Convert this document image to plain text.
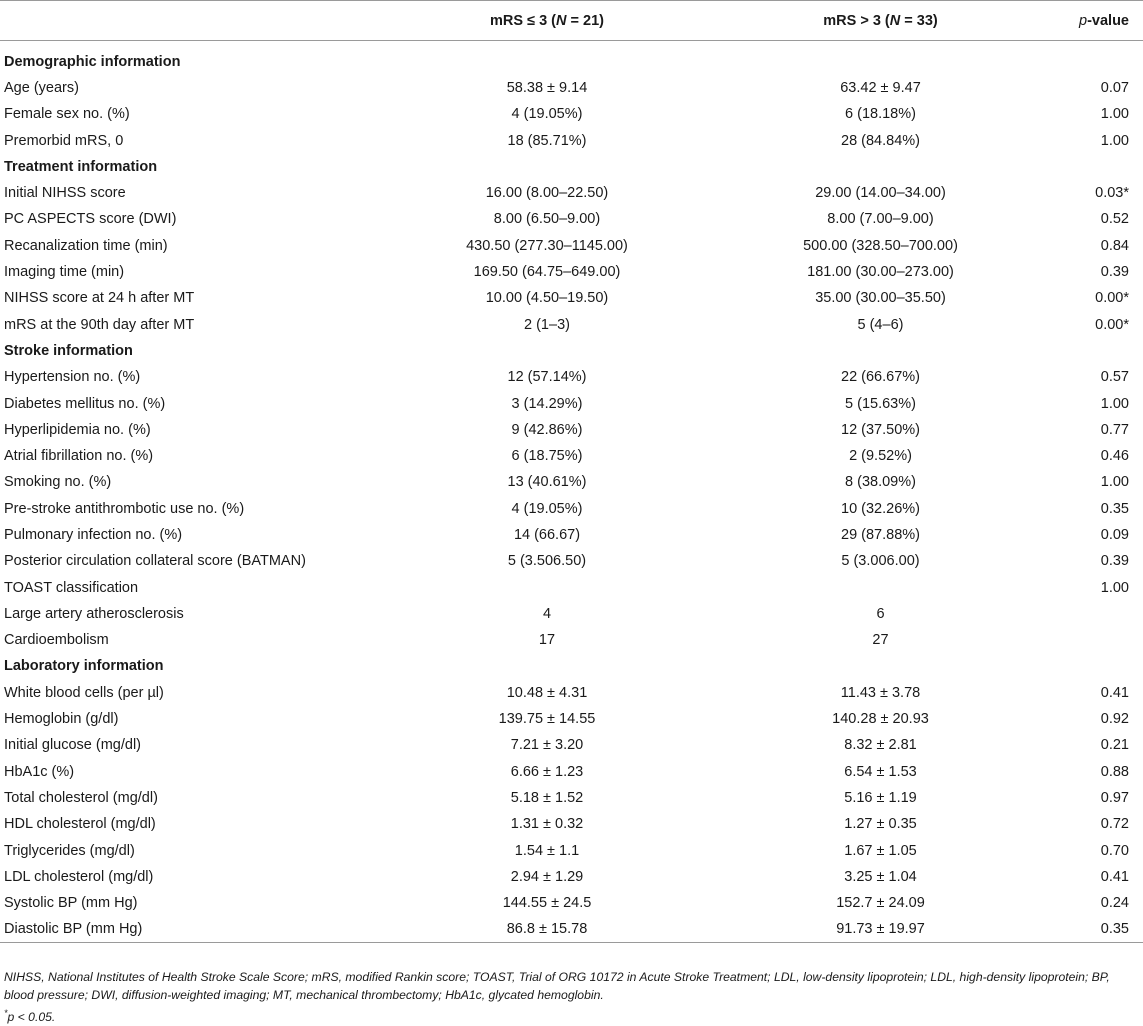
	mRS ≤ 3 (N = 21)	mRS > 3 (N = 33)	p-value

Demographic information			
Age (years)	58.38 ± 9.14	63.42 ± 9.47	0.07
Female sex no. (%)	4 (19.05%)	6 (18.18%)	1.00
Premorbid mRS, 0	18 (85.71%)	28 (84.84%)	1.00
Treatment information			
Initial NIHSS score	16.00 (8.00–22.50)	29.00 (14.00–34.00)	0.03*
PC ASPECTS score (DWI)	8.00 (6.50–9.00)	8.00 (7.00–9.00)	0.52
Recanalization time (min)	430.50 (277.30–1145.00)	500.00 (328.50–700.00)	0.84
Imaging time (min)	169.50 (64.75–649.00)	181.00 (30.00–273.00)	0.39
NIHSS score at 24 h after MT	10.00 (4.50–19.50)	35.00 (30.00–35.50)	0.00*
mRS at the 90th day after MT	2 (1–3)	5 (4–6)	0.00*
Stroke information			
Hypertension no. (%)	12 (57.14%)	22 (66.67%)	0.57
Diabetes mellitus no. (%)	3 (14.29%)	5 (15.63%)	1.00
Hyperlipidemia no. (%)	9 (42.86%)	12 (37.50%)	0.77
Atrial fibrillation no. (%)	6 (18.75%)	2 (9.52%)	0.46
Smoking no. (%)	13 (40.61%)	8 (38.09%)	1.00
Pre-stroke antithrombotic use no. (%)	4 (19.05%)	10 (32.26%)	0.35
Pulmonary infection no. (%)	14 (66.67)	29 (87.88%)	0.09
Posterior circulation collateral score (BATMAN)	5 (3.506.50)	5 (3.006.00)	0.39
TOAST classification			1.00
Large artery atherosclerosis	4	6	
Cardioembolism	17	27	
Laboratory information			
White blood cells (per µl)	10.48 ± 4.31	11.43 ± 3.78	0.41
Hemoglobin (g/dl)	139.75 ± 14.55	140.28 ± 20.93	0.92
Initial glucose (mg/dl)	7.21 ± 3.20	8.32 ± 2.81	0.21
HbA1c (%)	6.66 ± 1.23	6.54 ± 1.53	0.88
Total cholesterol (mg/dl)	5.18 ± 1.52	5.16 ± 1.19	0.97
HDL cholesterol (mg/dl)	1.31 ± 0.32	1.27 ± 0.35	0.72
Triglycerides (mg/dl)	1.54 ± 1.1	1.67 ± 1.05	0.70
LDL cholesterol (mg/dl)	2.94 ± 1.29	3.25 ± 1.04	0.41
Systolic BP (mm Hg)	144.55 ± 24.5	152.7 ± 24.09	0.24
Diastolic BP (mm Hg)	86.8 ± 15.78	91.73 ± 19.97	0.35

NIHSS, National Institutes of Health Stroke Scale Score; mRS, modified Rankin score; TOAST, Trial of ORG 10172 in Acute Stroke Treatment; LDL, low-density lipoprotein; LDL, high-density lipoprotein; BP, blood pressure; DWI, diffusion-weighted imaging; MT, mechanical thrombectomy; HbA1c, glycated hemoglobin.

*p < 0.05.
